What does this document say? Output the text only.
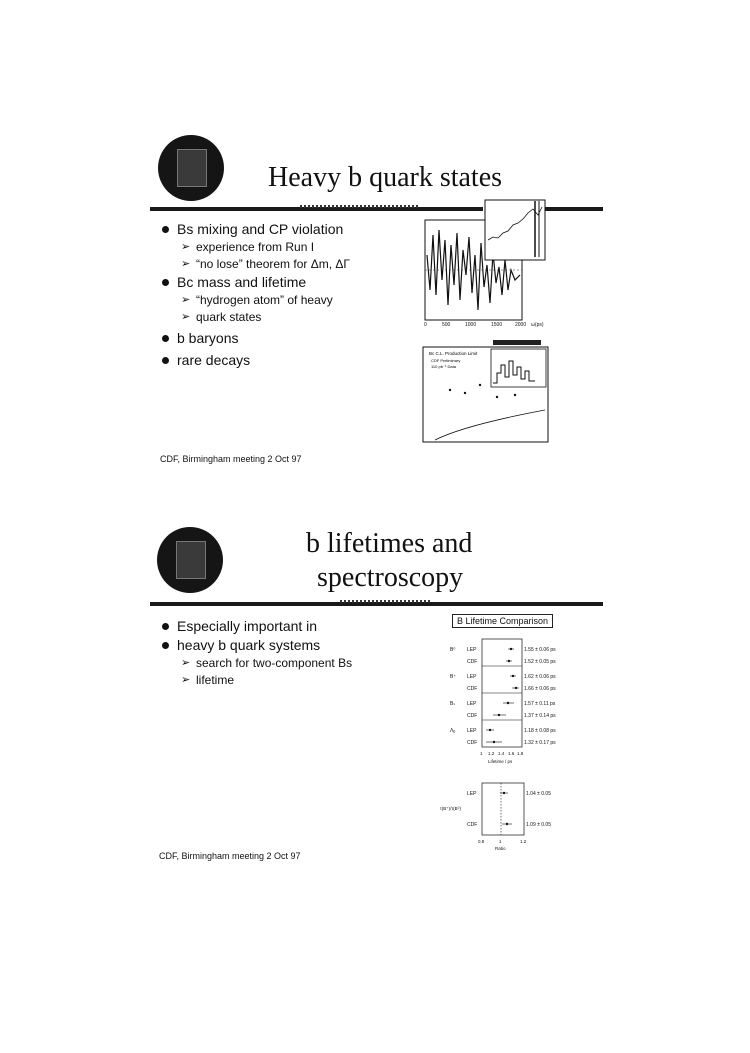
Heavy b quark states
Bs mixing and CP violation
➢ experience from Run I
➢ “no lose” theorem for Δm, ΔΓ
Bc mass and lifetime
➢ “hydrogen atom” of heavy
➢ quark states
b baryons
rare decays
0	500	1000	1500	2000 ω(ps)
Bc C.L. Production Limit
CDF Preliminary
110 pb⁻¹ Data
CDF, Birmingham meeting 2 Oct 97
b lifetimes and
spectroscopy
Especially important in
heavy b quark systems
➢ search for two-component Bs
➢ lifetime
B Lifetime Comparison
B⁰ LEP	1.55 ± 0.06 ps
CDF	1.52 ± 0.05 ps
B⁺ LEP	1.62 ± 0.06 ps
CDF	1.66 ± 0.06 ps
Bₛ LEP	1.57 ± 0.11 ps
CDF	1.37 ± 0.14 ps
Λᵦ LEP	1.18 ± 0.08 ps
CDF	1.32 ± 0.17 ps
1 1.2 1.4 1.6 1.8
Lifetime / ps
LEP	1.04 ± 0.05
τ(B⁺)/τ(B⁰)
CDF	1.09 ± 0.05
0.8	1	1.2
Ratio
CDF, Birmingham meeting 2 Oct 97
